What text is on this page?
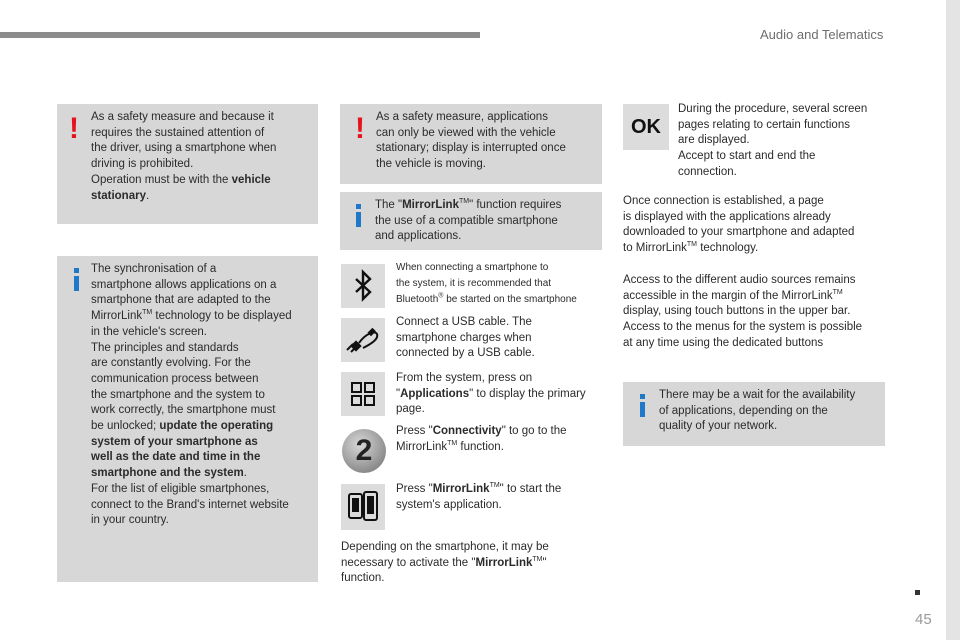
Audio and Telematics
45
! As a safety measure and because it

requires the sustained attention of

the driver, using a smartphone when

driving is prohibited.

Operation must be with the vehicle

stationary.

The synchronisation of a

smartphone allows applications on a

smartphone that are adapted to the

MirrorLink™ technology to be displayed

in the vehicle's screen.

The principles and standards

are constantly evolving. For the

communication process between

the smartphone and the system to

work correctly, the smartphone must

be unlocked; update the operating

system of your smartphone as

well as the date and time in the

smartphone and the system.

For the list of eligible smartphones,

connect to the Brand's internet website

in your country.

! As a safety measure, applications

can only be viewed with the vehicle

stationary; display is interrupted once

the vehicle is moving.

The "MirrorLink™" function requires

the use of a compatible smartphone

and applications.

When connecting a smartphone to

the system, it is recommended that

Bluetooth® be started on the smartphone

Connect a USB cable. The

smartphone charges when

connected by a USB cable.

From the system, press on

"Applications" to display the primary

page.

2

Press "Connectivity" to go to the

MirrorLink™ function.

Press "MirrorLink™" to start the

system's application.

Depending on the smartphone, it may be

necessary to activate the "MirrorLink™"

function.

OK

During the procedure, several screen

pages relating to certain functions

are displayed.

Accept to start and end the

connection.

Once connection is established, a page

is displayed with the applications already

downloaded to your smartphone and adapted

to MirrorLink™ technology.

Access to the different audio sources remains

accessible in the margin of the MirrorLink™

display, using touch buttons in the upper bar.

Access to the menus for the system is possible

at any time using the dedicated buttons

There may be a wait for the availability

of applications, depending on the

quality of your network.
